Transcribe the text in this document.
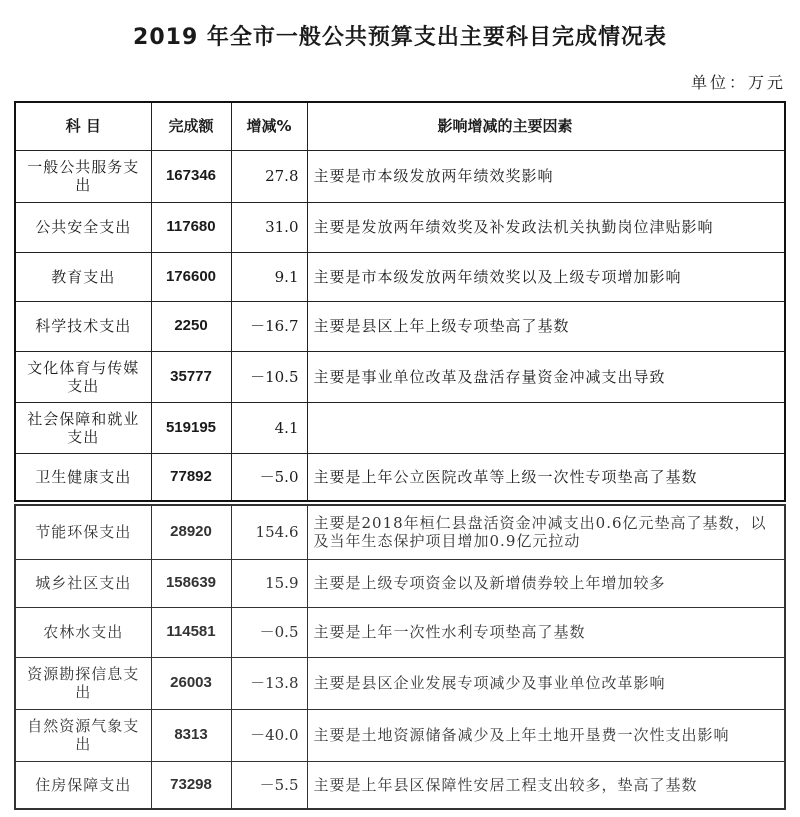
2019 年全市一般公共预算支出主要科目完成情况表
单位：万元
科 目	完成额	增减%	影响增减的主要因素
一般公共服务支出	167346	27.8	主要是市本级发放两年绩效奖影响
公共安全支出	117680	31.0	主要是发放两年绩效奖及补发政法机关执勤岗位津贴影响
教育支出	176600	9.1	主要是市本级发放两年绩效奖以及上级专项增加影响
科学技术支出	2250	－16.7	主要是县区上年上级专项垫高了基数
文化体育与传媒支出	35777	－10.5	主要是事业单位改革及盘活存量资金冲减支出导致
社会保障和就业支出	519195	4.1	
卫生健康支出	77892	－5.0	主要是上年公立医院改革等上级一次性专项垫高了基数
节能环保支出	28920	154.6	主要是2018年桓仁县盘活资金冲减支出0.6亿元垫高了基数，以及当年生态保护项目增加0.9亿元拉动
城乡社区支出	158639	15.9	主要是上级专项资金以及新增债券较上年增加较多
农林水支出	114581	－0.5	主要是上年一次性水利专项垫高了基数
资源勘探信息支出	26003	－13.8	主要是县区企业发展专项减少及事业单位改革影响
自然资源气象支出	8313	－40.0	主要是土地资源储备减少及上年土地开垦费一次性支出影响
住房保障支出	73298	－5.5	主要是上年县区保障性安居工程支出较多，垫高了基数
